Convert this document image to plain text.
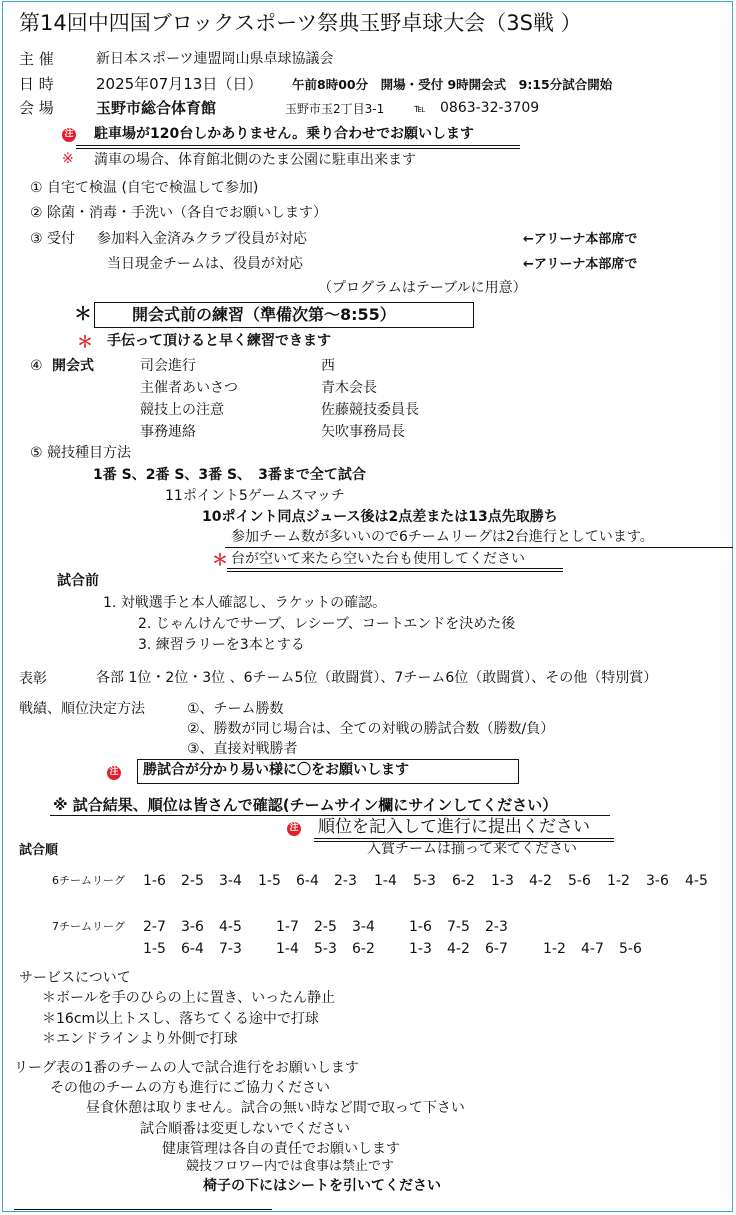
第14回中四国ブロックスポーツ祭典玉野卓球大会（3S戦 ）
主 催	新日本スポーツ連盟岡山県卓球協議会
日 時	2025年07月13日（日） 午前8時00分　開場・受付 9時開会式　9:15分試合開始
会 場	玉野市総合体育館	玉野市玉2丁目3-1	℡ 0863-32-3709
注 駐車場が120台しかありません。乗り合わせでお願いします
※ 満車の場合、体育館北側のたま公園に駐車出来ます
① 自宅て検温 (自宅で検温して参加)
② 除菌・消毒・手洗い（各自でお願いします）
③ 受付 参加料入金済みクラブ役員が対応	←アリーナ本部席で
当日現金チームは、役員が対応	←アリーナ本部席で
（プログラムはテーブルに用意）
＊	開会式前の練習（準備次第～8:55）
＊ 手伝って頂けると早く練習できます
④ 開会式	司会進行	西
主催者あいさつ	青木会長
競技上の注意	佐藤競技委員長
事務連絡	矢吹事務局長
⑤ 競技種目方法
1番 S、2番 S、3番 S、　3番まで全て試合
11ポイント5ゲームスマッチ
10ポイント同点ジュース後は2点差または13点先取勝ち
参加チーム数が多いいので6チームリーグは2台進行としています。
＊ 台が空いて来たら空いた台も使用してください
試合前
1. 対戦選手と本人確認し、ラケットの確認。
2. じゃんけんでサーブ、レシーブ、コートエンドを決めた後
3. 練習ラリーを3本とする
表彰	各部 1位・2位・3位 、6チーム5位（敢闘賞）、7チーム6位（敢闘賞）、その他（特別賞）
戦績、順位決定方法	①、チーム勝数
②、勝数が同じ場合は、全ての対戦の勝試合数（勝数/負）
③、直接対戦勝者
注	勝試合が分かり易い様に〇をお願いします
※ 試合結果、順位は皆さんで確認(チームサイン欄にサインしてください）
注 順位を記入して進行に提出ください
入賞チームは揃って来てください
試合順
6チームリーグ 1-6 2-5 3-4 1-5 6-4 2-3 1-4 5-3 6-2 1-3 4-2 5-6 1-2 3-6 4-5
7チームリーグ 2-7 3-6 4-5 1-7 2-5 3-4 1-6 7-5 2-3
1-5 6-4 7-3 1-4 5-3 6-2 1-3 4-2 6-7	1-2 4-7 5-6
サービスについて
＊ボールを手のひらの上に置き、いったん静止
＊16cm以上トスし、落ちてくる途中で打球
＊エンドラインより外側で打球
リーグ表の1番のチームの人で試合進行をお願いします
その他のチームの方も進行にご協力ください
昼食休憩は取りません。試合の無い時など間で取って下さい
試合順番は変更しないでください
健康管理は各自の責任でお願いします
競技フロワー内では食事は禁止です
椅子の下にはシートを引いてください
